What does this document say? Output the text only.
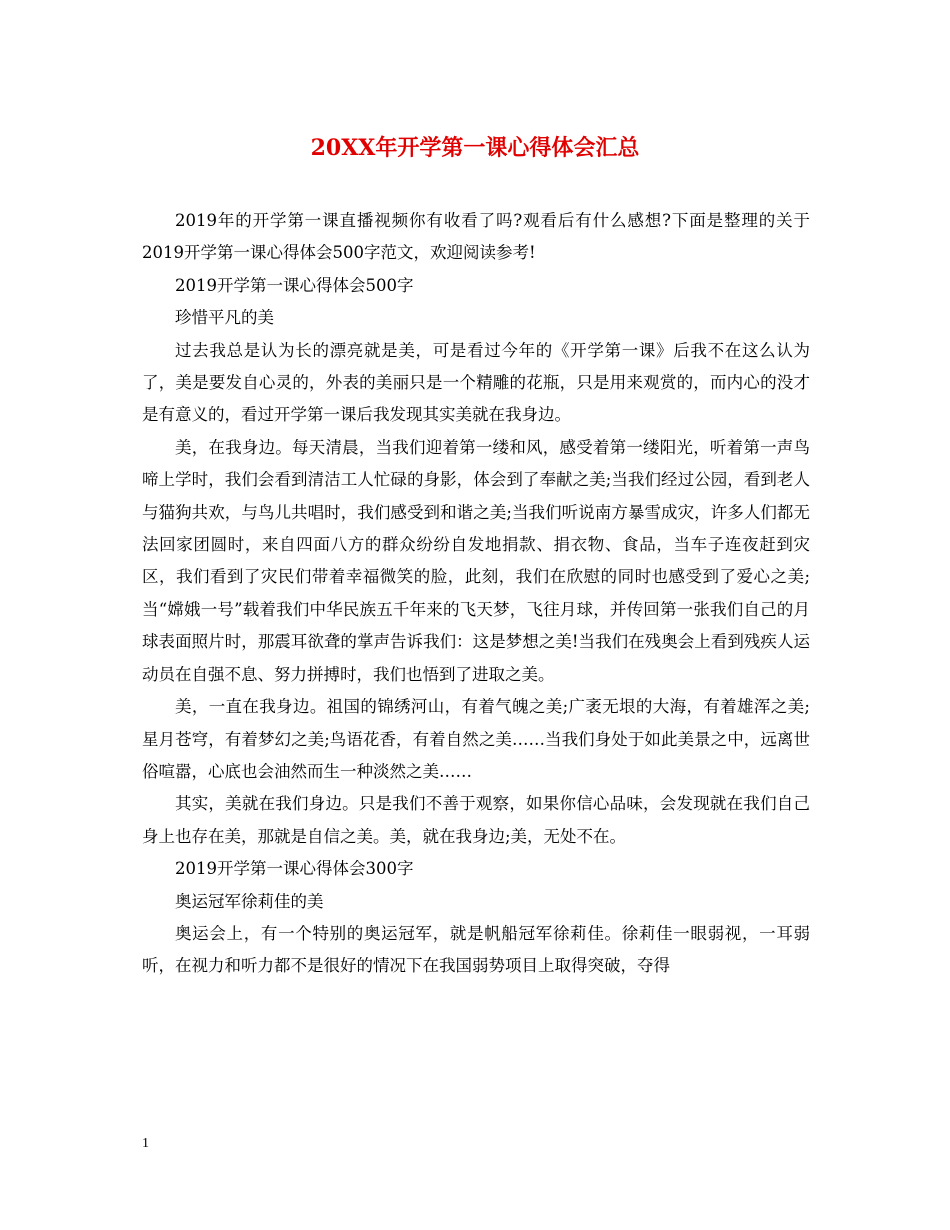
20XX年开学第一课心得体会汇总

2019年的开学第一课直播视频你有收看了吗?观看后有什么感想?下面是整理的关于2019开学第一课心得体会500字范文，欢迎阅读参考!

2019开学第一课心得体会500字

珍惜平凡的美

过去我总是认为长的漂亮就是美，可是看过今年的《开学第一课》后我不在这么认为了，美是要发自心灵的，外表的美丽只是一个精雕的花瓶，只是用来观赏的，而内心的没才是有意义的，看过开学第一课后我发现其实美就在我身边。

美，在我身边。每天清晨，当我们迎着第一缕和风，感受着第一缕阳光，听着第一声鸟啼上学时，我们会看到清洁工人忙碌的身影，体会到了奉献之美;当我们经过公园，看到老人与猫狗共欢，与鸟儿共唱时，我们感受到和谐之美;当我们听说南方暴雪成灾，许多人们都无法回家团圆时，来自四面八方的群众纷纷自发地捐款、捐衣物、食品，当车子连夜赶到灾区，我们看到了灾民们带着幸福微笑的脸，此刻，我们在欣慰的同时也感受到了爱心之美;当“嫦娥一号”载着我们中华民族五千年来的飞天梦，飞往月球，并传回第一张我们自己的月球表面照片时，那震耳欲聋的掌声告诉我们：这是梦想之美!当我们在残奥会上看到残疾人运动员在自强不息、努力拼搏时，我们也悟到了进取之美。

美，一直在我身边。祖国的锦绣河山，有着气魄之美;广袤无垠的大海，有着雄浑之美;星月苍穹，有着梦幻之美;鸟语花香，有着自然之美……当我们身处于如此美景之中，远离世俗喧嚣，心底也会油然而生一种淡然之美……

其实，美就在我们身边。只是我们不善于观察，如果你信心品味，会发现就在我们自己身上也存在美，那就是自信之美。美，就在我身边;美，无处不在。

2019开学第一课心得体会300字

奥运冠军徐莉佳的美

奥运会上，有一个特别的奥运冠军，就是帆船冠军徐莉佳。徐莉佳一眼弱视，一耳弱听，在视力和听力都不是很好的情况下在我国弱势项目上取得突破，夺得

1
